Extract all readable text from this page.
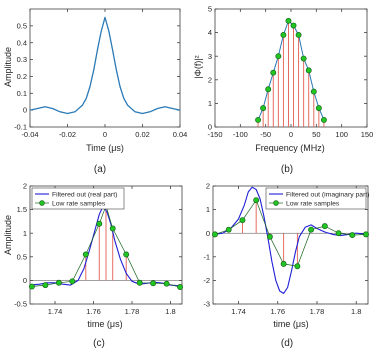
Amplitude
Time (μs)
(a)
|Φ(f)|²
Frequency (MHz)
(b)
Amplitude
time (μs)
(c)
time (μs)
(d)
-0.04	-0.02	0	0.02	0.04
-0.1
0
0.1
0.2
0.3
0.4
0.5
-150 -100 -50 0	50 100 150
0
1
2
3
4
5
1.74	1.76	1.78	1.8
-0.5
0
0.5
1
1.5
2
Filtered out (real part)
Low rate samples
1.74	1.76	1.78	1.8
-3
-2
-1
0
1
2
Filtered out (imaginary part)
Low rate samples
